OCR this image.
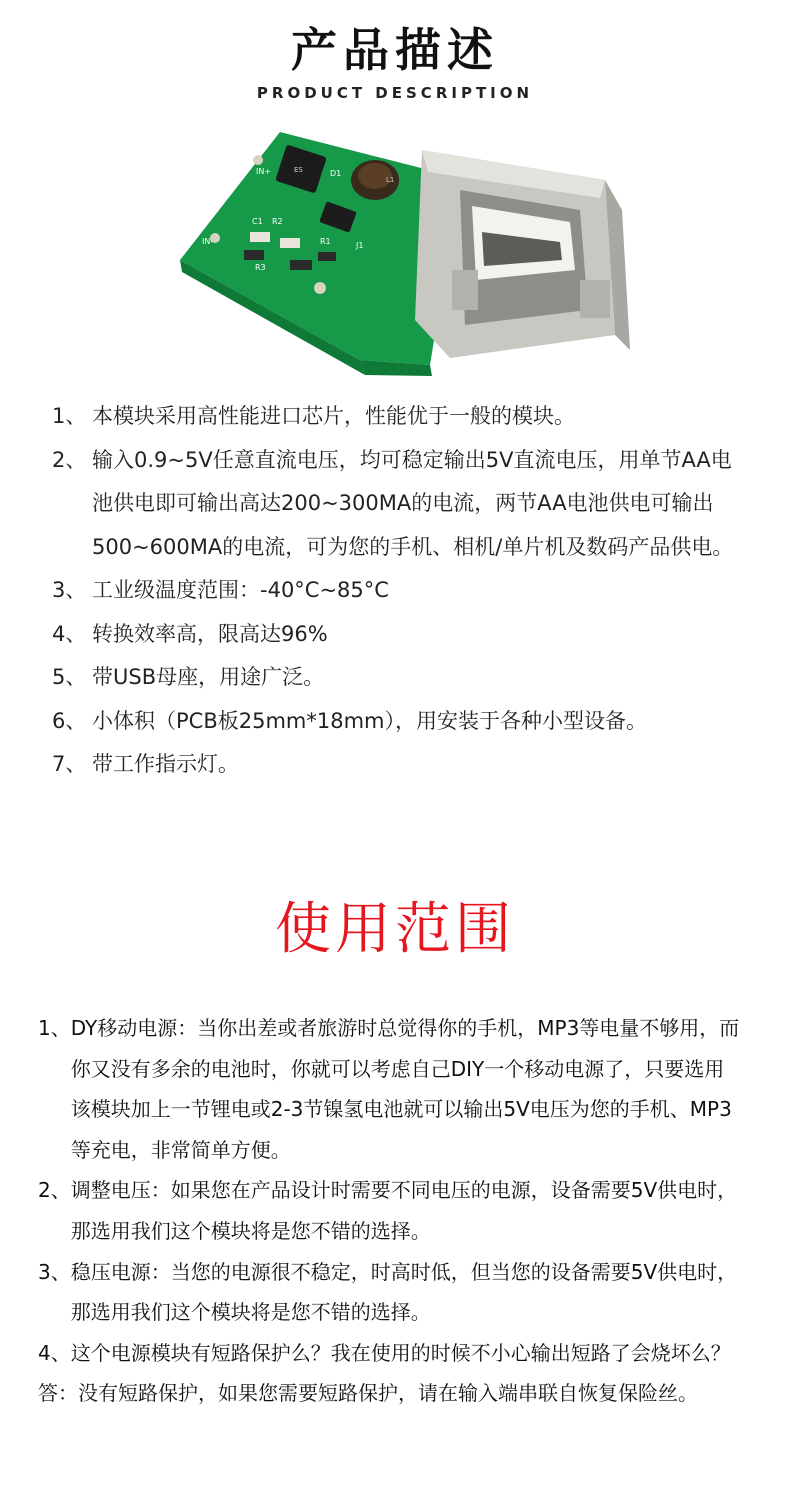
产品描述
PRODUCT DESCRIPTION
IN+
IN-
D1
C1 R2
R3
R1	J1
L1
ES
1、 本模块采用高性能进口芯片，性能优于一般的模块。
2、 输入0.9~5V任意直流电压，均可稳定输出5V直流电压，用单节AA电池供电即可输出高达200~300MA的电流，两节AA电池供电可输出500~600MA的电流，可为您的手机、相机/单片机及数码产品供电。
3、 工业级温度范围：-40°C~85°C
4、 转换效率高，限高达96%
5、 带USB母座，用途广泛。
6、 小体积（PCB板25mm*18mm），用安装于各种小型设备。
7、 带工作指示灯。
使用范围
1、 DY移动电源：当你出差或者旅游时总觉得你的手机，MP3等电量不够用，而你又没有多余的电池时，你就可以考虑自己DIY一个移动电源了，只要选用该模块加上一节锂电或2-3节镍氢电池就可以输出5V电压为您的手机、MP3等充电，非常简单方便。
2、 调整电压：如果您在产品设计时需要不同电压的电源，设备需要5V供电时，那选用我们这个模块将是您不错的选择。
3、 稳压电源：当您的电源很不稳定，时高时低，但当您的设备需要5V供电时，那选用我们这个模块将是您不错的选择。
4、 这个电源模块有短路保护么？我在使用的时候不小心输出短路了会烧坏么？
答： 没有短路保护，如果您需要短路保护，请在输入端串联自恢复保险丝。
